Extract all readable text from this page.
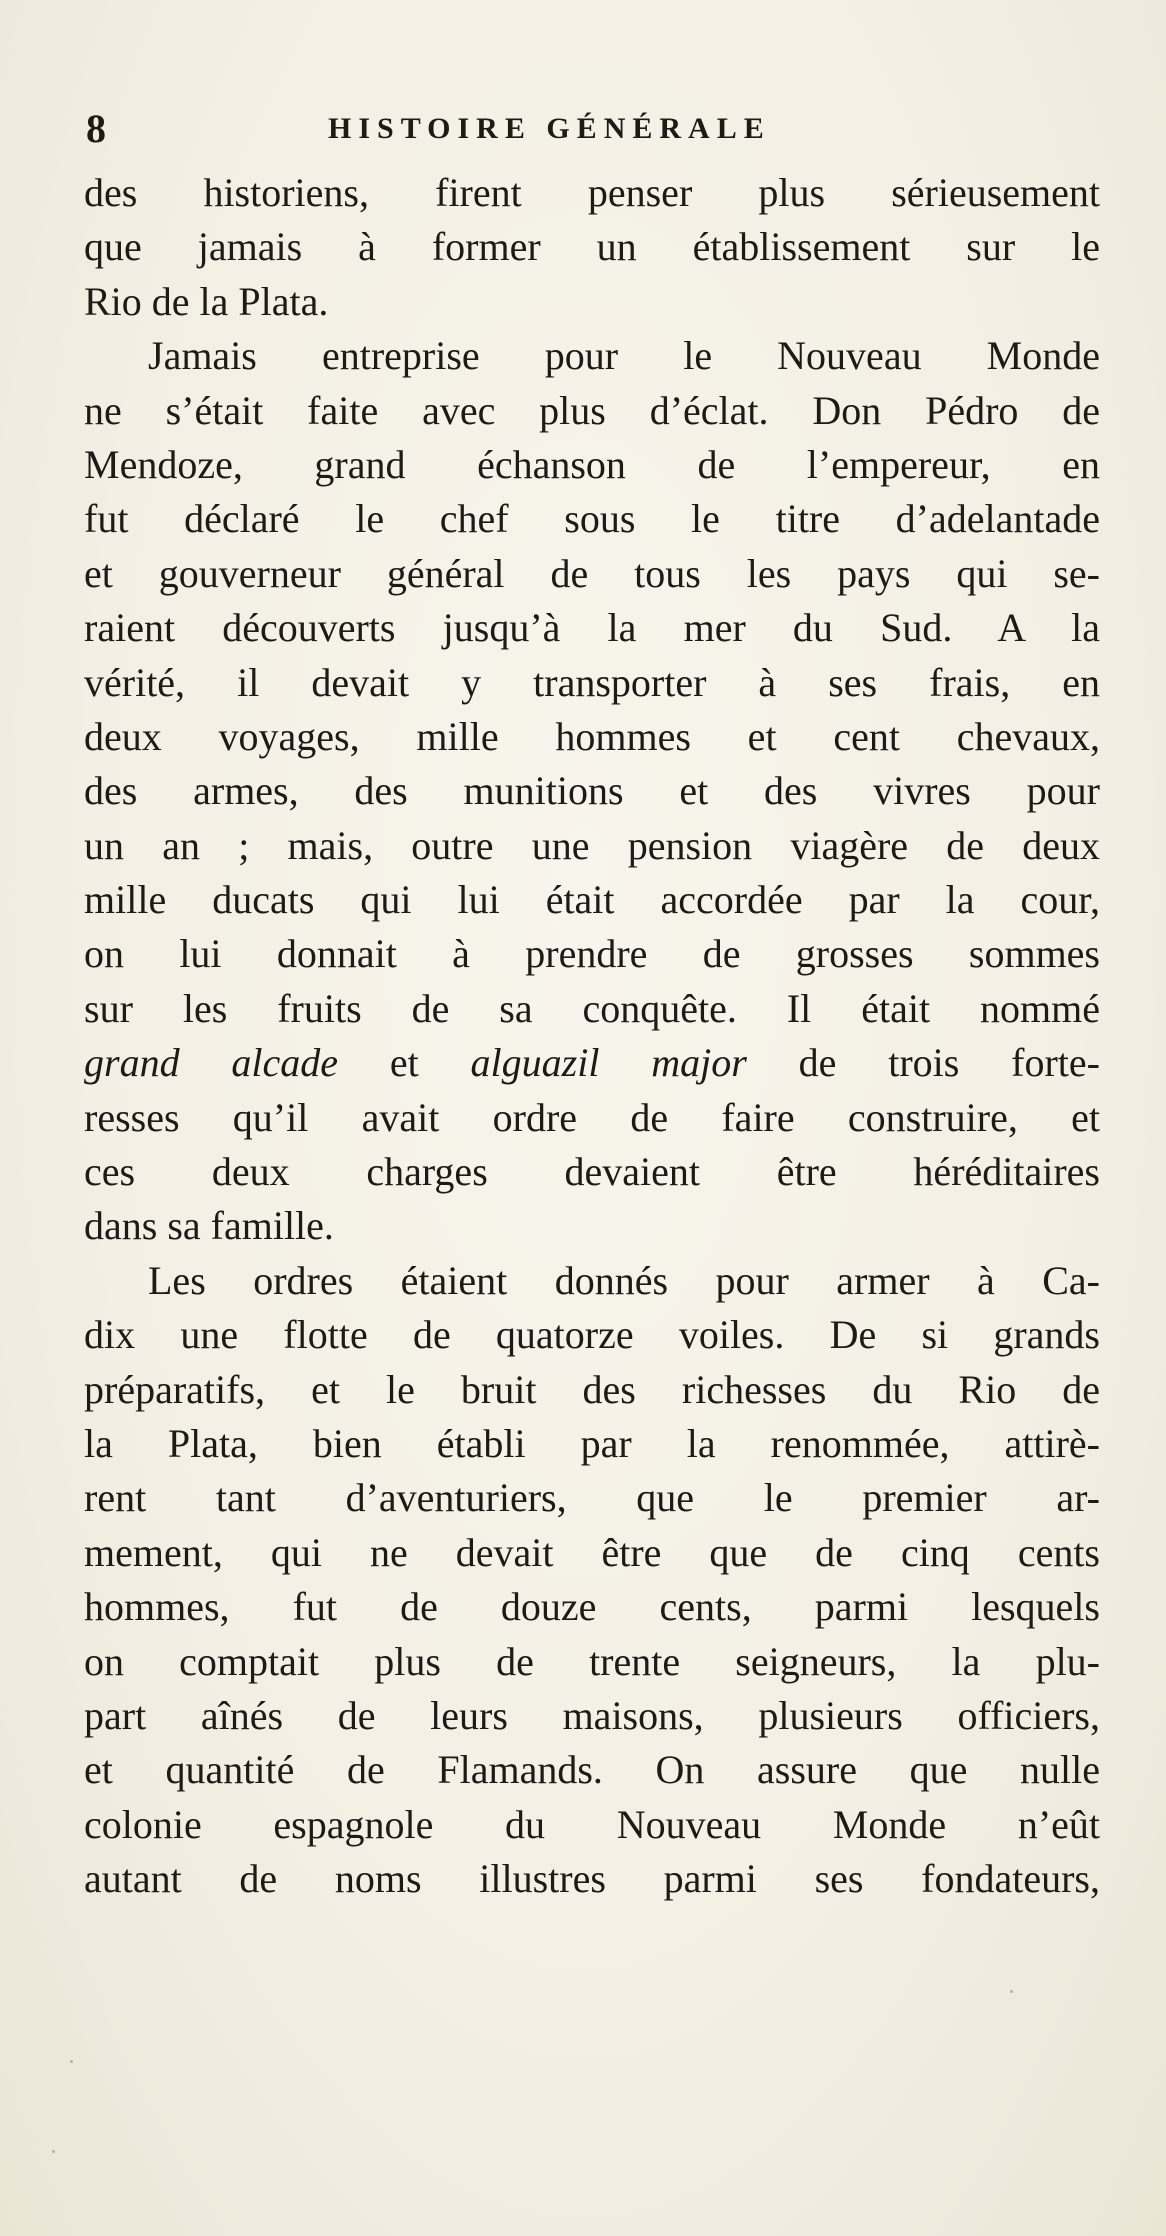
8	HISTOIRE GÉNÉRALE
des historiens, firent penser plus sérieusement
que jamais à former un établissement sur le
Rio de la Plata.
Jamais entreprise pour le Nouveau Monde
ne s’était faite avec plus d’éclat. Don Pédro de
Mendoze, grand échanson de l’empereur, en
fut déclaré le chef sous le titre d’adelantade
et gouverneur général de tous les pays qui se-
raient découverts jusqu’à la mer du Sud. A la
vérité, il devait y transporter à ses frais, en
deux voyages, mille hommes et cent chevaux,
des armes, des munitions et des vivres pour
un an ; mais, outre une pension viagère de deux
mille ducats qui lui était accordée par la cour,
on lui donnait à prendre de grosses sommes
sur les fruits de sa conquête. Il était nommé
grand alcade et alguazil major de trois forte-
resses qu’il avait ordre de faire construire, et
ces deux charges devaient être héréditaires
dans sa famille.
Les ordres étaient donnés pour armer à Ca-
dix une flotte de quatorze voiles. De si grands
préparatifs, et le bruit des richesses du Rio de
la Plata, bien établi par la renommée, attirè-
rent tant d’aventuriers, que le premier ar-
mement, qui ne devait être que de cinq cents
hommes, fut de douze cents, parmi lesquels
on comptait plus de trente seigneurs, la plu-
part aînés de leurs maisons, plusieurs officiers,
et quantité de Flamands. On assure que nulle
colonie espagnole du Nouveau Monde n’eût
autant de noms illustres parmi ses fondateurs,
